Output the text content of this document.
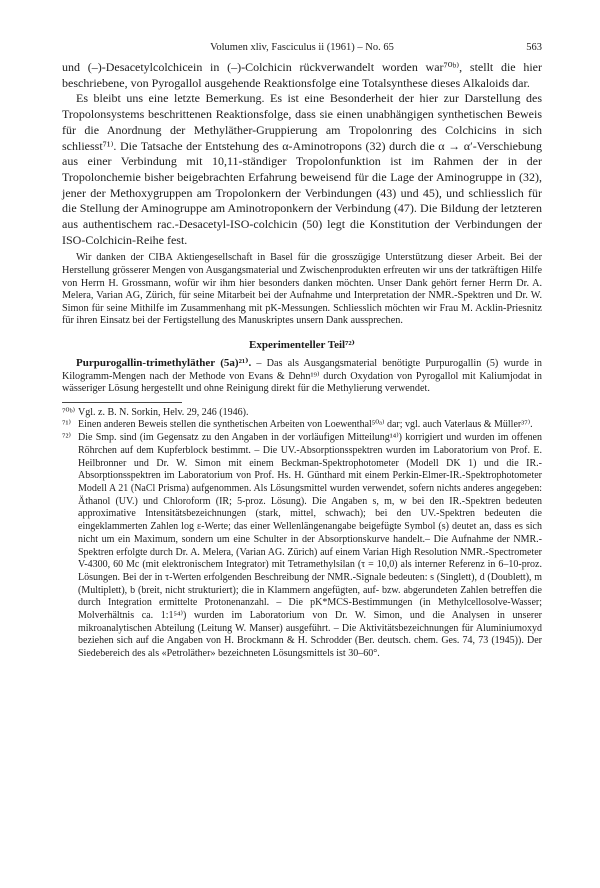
Volumen xliv, Fasciculus ii (1961) – No. 65	563

und (–)-Desacetylcolchicein in (–)-Colchicin rückverwandelt worden war⁷⁰ᵇ⁾, stellt die hier beschriebene, von Pyrogallol ausgehende Reaktionsfolge eine Totalsynthese dieses Alkaloids dar.

Es bleibt uns eine letzte Bemerkung. Es ist eine Besonderheit der hier zur Darstellung des Tropolonsystems beschrittenen Reaktionsfolge, dass sie einen unabhängigen synthetischen Beweis für die Anordnung der Methyläther-Gruppierung am Tropolonring des Colchicins in sich schliesst⁷¹⁾. Die Tatsache der Entstehung des α-Aminotropons (32) durch die α → α′-Verschiebung aus einer Verbindung mit 10,11-ständiger Tropolonfunktion ist im Rahmen der in der Tropolonchemie bisher beigebrachten Erfahrung beweisend für die Lage der Aminogruppe in (32), jener der Methoxygruppen am Tropolonkern der Verbindungen (43) und 45), und schliesslich für die Stellung der Aminogruppe am Aminotroponkern der Verbindung (47). Die Bildung der letzteren aus authentischem rac.-Desacetyl-ISO-colchicin (50) legt die Konstitution der Verbindungen der ISO-Colchicin-Reihe fest.

Wir danken der CIBA Aktiengesellschaft in Basel für die grosszügige Unterstützung dieser Arbeit. Bei der Herstellung grösserer Mengen von Ausgangsmaterial und Zwischenprodukten erfreuten wir uns der tatkräftigen Hilfe von Herrn H. Grossmann, wofür wir ihm hier besonders danken möchten. Unser Dank gehört ferner Herrn Dr. A. Melera, Varian AG, Zürich, für seine Mitarbeit bei der Aufnahme und Interpretation der NMR.-Spektren und Dr. W. Simon für seine Mithilfe im Zusammenhang mit pK-Messungen. Schliesslich möchten wir Frau M. Acklin-Priesnitz für ihren Einsatz bei der Fertigstellung des Manuskriptes unsern Dank aussprechen.

Experimenteller Teil⁷²⁾

Purpurogallin-trimethyläther (5a)²¹⁾. – Das als Ausgangsmaterial benötigte Purpurogallin (5) wurde in Kilogramm-Mengen nach der Methode von Evans & Dehn¹⁹⁾ durch Oxydation von Pyrogallol mit Kaliumjodat in wässeriger Lösung hergestellt und ohne Reinigung direkt für die Methylierung verwendet.

⁷⁰ᵇ⁾ Vgl. z. B. N. Sorkin, Helv. 29, 246 (1946).
⁷¹⁾ Einen anderen Beweis stellen die synthetischen Arbeiten von Loewenthal⁵⁰ᵃ⁾ dar; vgl. auch Vaterlaus & Müller³⁷⁾.
⁷²⁾ Die Smp. sind (im Gegensatz zu den Angaben in der vorläufigen Mitteilung¹⁴⁾) korrigiert und wurden im offenen Röhrchen auf dem Kupferblock bestimmt. – Die UV.-Absorptionsspektren wurden im Laboratorium von Prof. E. Heilbronner und Dr. W. Simon mit einem Beckman-Spektrophotometer (Modell DK 1) und die IR.-Absorptionsspektren im Laboratorium von Prof. Hs. H. Günthard mit einem Perkin-Elmer-IR.-Spektrophotometer Modell A 21 (NaCl Prisma) aufgenommen. Als Lösungsmittel wurden verwendet, sofern nichts anderes angegeben: Äthanol (UV.) und Chloroform (IR; 5-proz. Lösung). Die Angaben s, m, w bei den IR.-Spektren bedeuten approximative Intensitätsbezeichnungen (stark, mittel, schwach); bei den UV.-Spektren bedeuten die eingeklammerten Zahlen log ε-Werte; das einer Wellenlängenangabe beigefügte Symbol (s) deutet an, dass es sich nicht um ein Maximum, sondern um eine Schulter in der Absorptionskurve handelt.– Die Aufnahme der NMR.-Spektren erfolgte durch Dr. A. Melera, (Varian AG. Zürich) auf einem Varian High Resolution NMR.-Spectrometer V-4300, 60 Mc (mit elektronischem Integrator) mit Tetramethylsilan (τ = 10,0) als interner Referenz in 6–10-proz. Lösungen. Bei der in τ-Werten erfolgenden Beschreibung der NMR.-Signale bedeuten: s (Singlett), d (Doublett), m (Multiplett), b (breit, nicht strukturiert); die in Klammern angefügten, auf- bzw. abgerundeten Zahlen betreffen die durch Integration ermittelte Protonenanzahl. – Die pK*MCS-Bestimmungen (in Methylcellosolve-Wasser; Molverhältnis ca. 1:1⁵⁴⁾) wurden im Laboratorium von Dr. W. Simon, und die Analysen in unserer mikroanalytischen Abteilung (Leitung W. Manser) ausgeführt. – Die Aktivitätsbezeichnungen für Aluminiumoxyd beziehen sich auf die Angaben von H. Brockmann & H. Schrodder (Ber. deutsch. chem. Ges. 74, 73 (1945)). Der Siedebereich des als «Petroläther» bezeichneten Lösungsmittels ist 30–60°.
